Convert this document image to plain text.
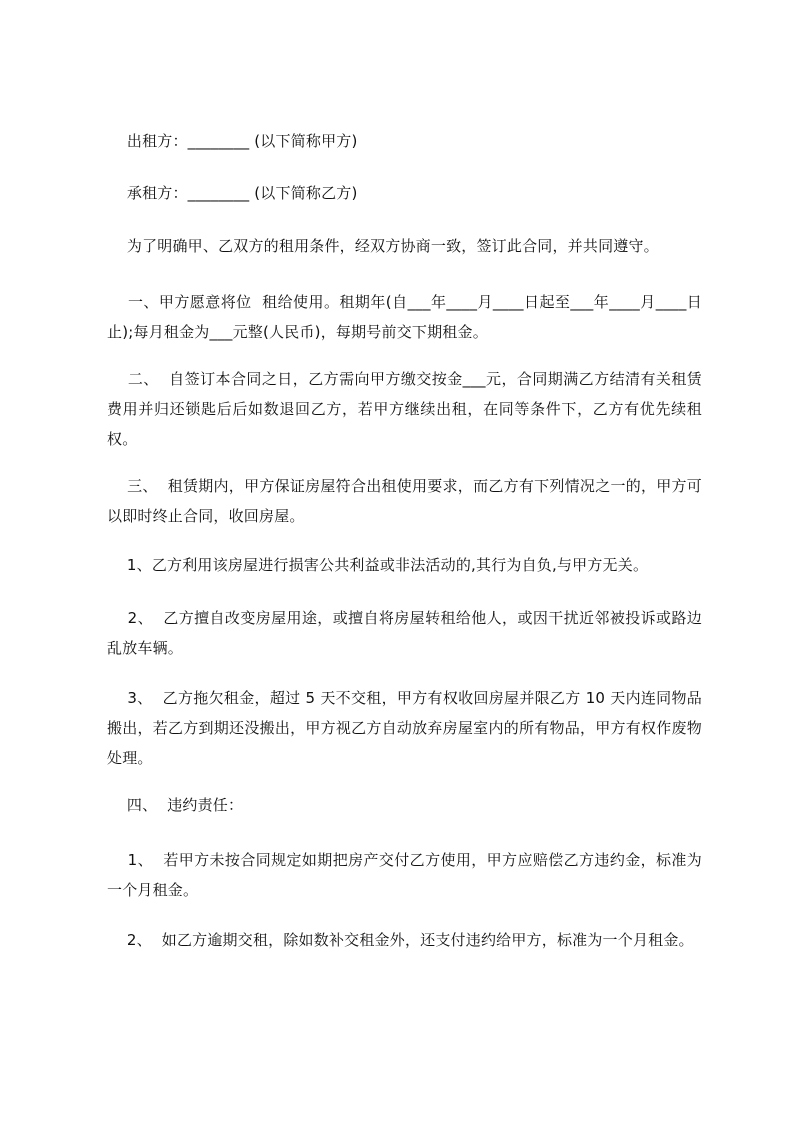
出租方：________ (以下简称甲方)

承租方：________ (以下简称乙方)

为了明确甲、乙双方的租用条件，经双方协商一致，签订此合同，并共同遵守。

一、甲方愿意将位  租给使用。租期年(自___年____月____日起至___年____月____日止);每月租金为___元整(人民币)，每期号前交下期租金。

二、  自签订本合同之日，乙方需向甲方缴交按金___元，合同期满乙方结清有关租赁费用并归还锁匙后后如数退回乙方，若甲方继续出租，在同等条件下，乙方有优先续租权。

三、  租赁期内，甲方保证房屋符合出租使用要求，而乙方有下列情况之一的，甲方可以即时终止合同，收回房屋。

1、乙方利用该房屋进行损害公共利益或非法活动的,其行为自负,与甲方无关。

2、  乙方擅自改变房屋用途，或擅自将房屋转租给他人，或因干扰近邻被投诉或路边乱放车辆。

3、  乙方拖欠租金，超过 5 天不交租，甲方有权收回房屋并限乙方 10 天内连同物品搬出，若乙方到期还没搬出，甲方视乙方自动放弃房屋室内的所有物品，甲方有权作废物处理。

四、  违约责任：

1、  若甲方未按合同规定如期把房产交付乙方使用，甲方应赔偿乙方违约金，标准为一个月租金。

2、  如乙方逾期交租，除如数补交租金外，还支付违约给甲方，标准为一个月租金。
